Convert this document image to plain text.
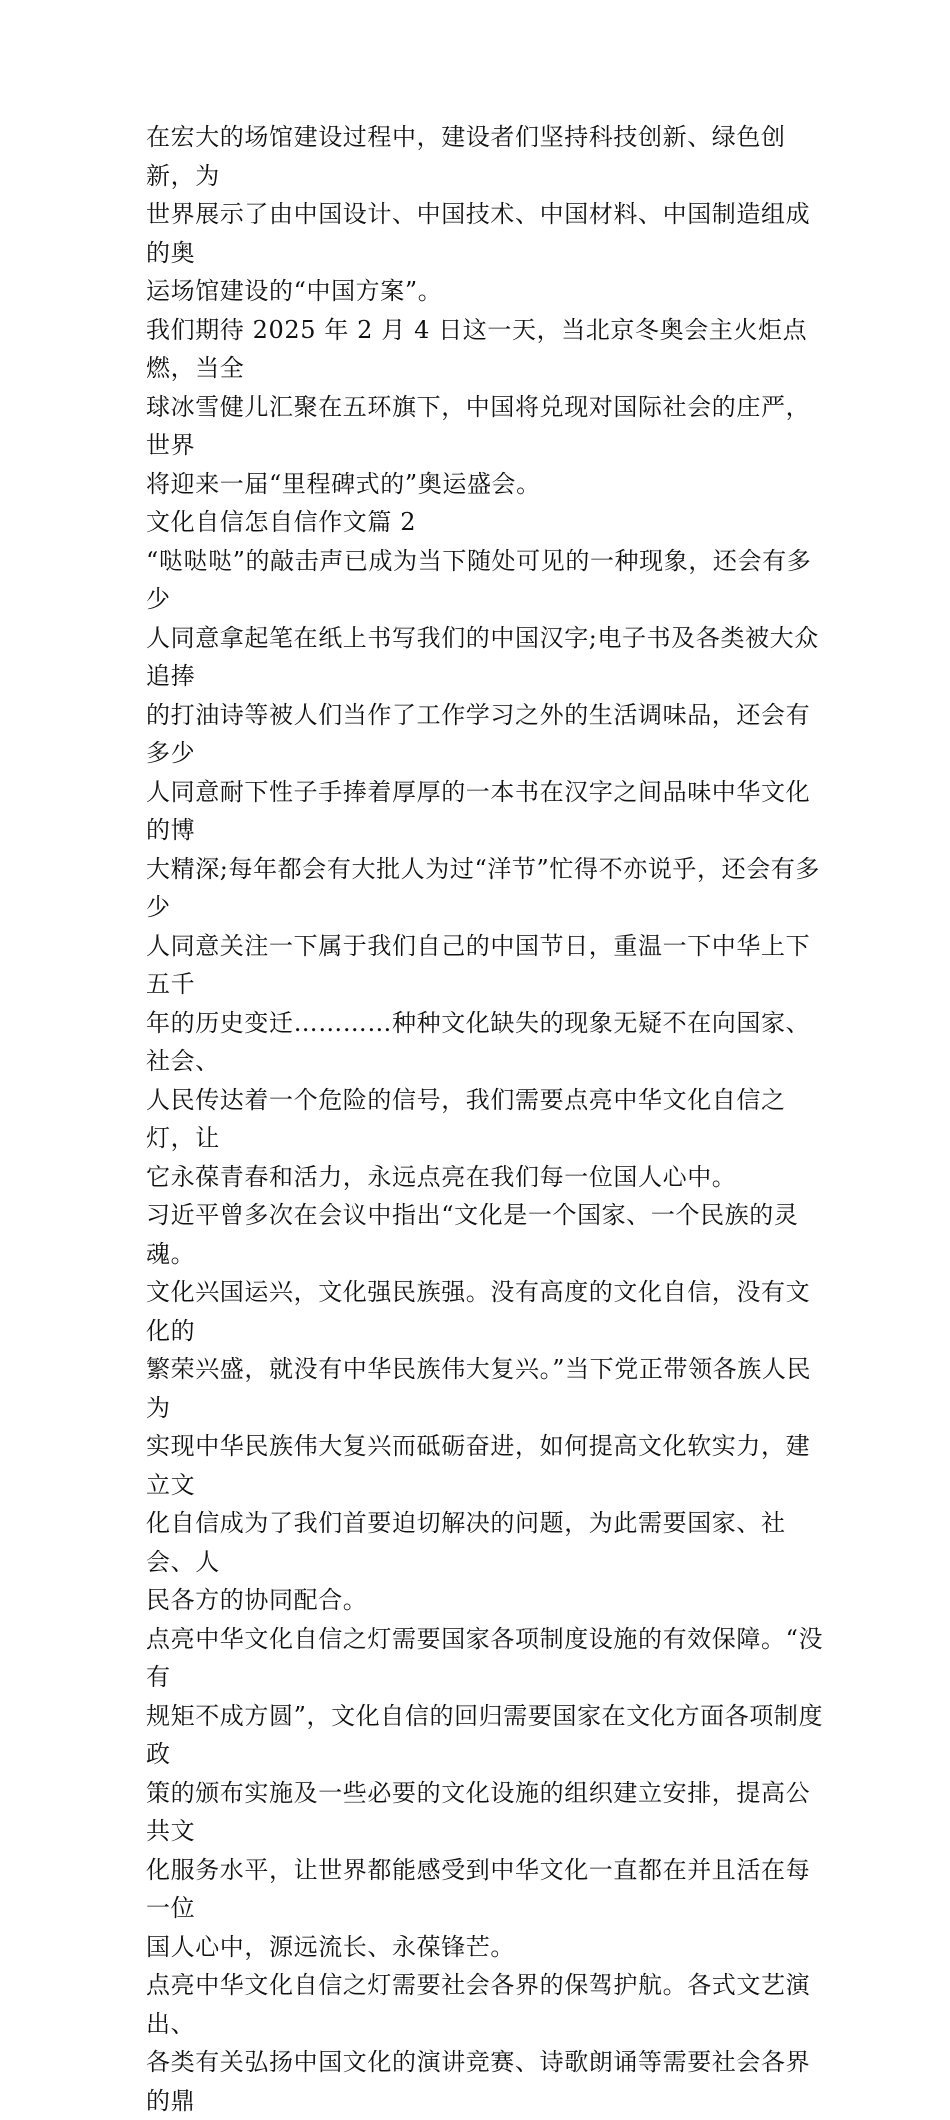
在宏大的场馆建设过程中，建设者们坚持科技创新、绿色创新，为
世界展示了由中国设计、中国技术、中国材料、中国制造组成的奥
运场馆建设的“中国方案”。

我们期待 2025 年 2 月 4 日这一天，当北京冬奥会主火炬点燃，当全
球冰雪健儿汇聚在五环旗下，中国将兑现对国际社会的庄严，世界
将迎来一届“里程碑式的”奥运盛会。

文化自信怎自信作文篇 2

“哒哒哒”的敲击声已成为当下随处可见的一种现象，还会有多少
人同意拿起笔在纸上书写我们的中国汉字;电子书及各类被大众追捧
的打油诗等被人们当作了工作学习之外的生活调味品，还会有多少
人同意耐下性子手捧着厚厚的一本书在汉字之间品味中华文化的博
大精深;每年都会有大批人为过“洋节”忙得不亦说乎，还会有多少
人同意关注一下属于我们自己的中国节日，重温一下中华上下五千
年的历史变迁…………种种文化缺失的现象无疑不在向国家、社会、
人民传达着一个危险的信号，我们需要点亮中华文化自信之灯，让
它永葆青春和活力，永远点亮在我们每一位国人心中。

习近平曾多次在会议中指出“文化是一个国家、一个民族的灵魂。
文化兴国运兴，文化强民族强。没有高度的文化自信，没有文化的
繁荣兴盛，就没有中华民族伟大复兴。”当下党正带领各族人民为
实现中华民族伟大复兴而砥砺奋进，如何提高文化软实力，建立文
化自信成为了我们首要迫切解决的问题，为此需要国家、社会、人
民各方的协同配合。

点亮中华文化自信之灯需要国家各项制度设施的有效保障。“没有
规矩不成方圆”，文化自信的回归需要国家在文化方面各项制度政
策的颁布实施及一些必要的文化设施的组织建立安排，提高公共文
化服务水平，让世界都能感受到中华文化一直都在并且活在每一位
国人心中，源远流长、永葆锋芒。

点亮中华文化自信之灯需要社会各界的保驾护航。各式文艺演出、
各类有关弘扬中国文化的演讲竞赛、诗歌朗诵等需要社会各界的鼎
